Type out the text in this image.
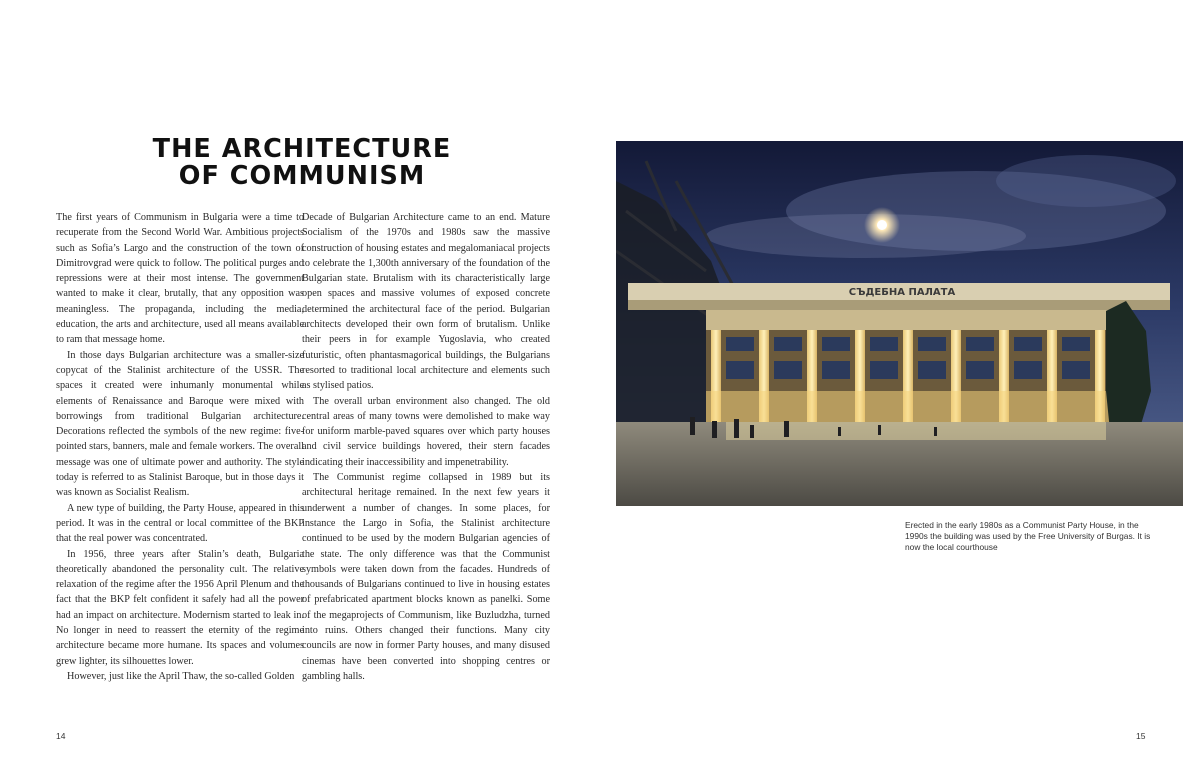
THE ARCHITECTURE
OF COMMUNISM

The first years of Communism in Bulgaria were a time to recuperate from the Second World War. Ambitious projects such as Sofia’s Largo and the construction of the town of Dimitrovgrad were quick to follow. The political purges and repressions were at their most intense. The government wanted to make it clear, brutally, that any opposition was meaningless. The propaganda, including the media, education, the arts and architecture, used all means available to ram that message home.

In those days Bulgarian architecture was a smaller-size copycat of the Stalinist architecture of the USSR. The spaces it created were inhumanly monumental while elements of Renaissance and Baroque were mixed with borrowings from traditional Bulgarian architecture. Decorations reflected the symbols of the new regime: five-pointed stars, banners, male and female workers. The overall message was one of ultimate power and authority. The style today is referred to as Stalinist Baroque, but in those days it was known as Socialist Realism.

A new type of building, the Party House, appeared in this period. It was in the central or local committee of the BKP that the real power was concentrated.

In 1956, three years after Stalin’s death, Bulgaria theoretically abandoned the personality cult. The relative relaxation of the regime after the 1956 April Plenum and the fact that the BKP felt confident it safely had all the power had an impact on architecture. Modernism started to leak in. No longer in need to reassert the eternity of the regime architecture became more humane. Its spaces and volumes grew lighter, its silhouettes lower.

However, just like the April Thaw, the so-called Golden

Decade of Bulgarian Architecture came to an end. Mature Socialism of the 1970s and 1980s saw the massive construction of housing estates and megalomaniacal projects to celebrate the 1,300th anniversary of the foundation of the Bulgarian state. Brutalism with its characteristically large open spaces and massive volumes of exposed concrete determined the architectural face of the period. Bulgarian architects developed their own form of brutalism. Unlike their peers in for example Yugoslavia, who created futuristic, often phantasmagorical buildings, the Bulgarians resorted to traditional local architecture and elements such as stylised patios.

The overall urban environment also changed. The old central areas of many towns were demolished to make way for uniform marble-paved squares over which party houses and civil service buildings hovered, their stern facades indicating their inaccessibility and impenetrability.

The Communist regime collapsed in 1989 but its architectural heritage remained. In the next few years it underwent a number of changes. In some places, for instance the Largo in Sofia, the Stalinist architecture continued to be used by the modern Bulgarian agencies of the state. The only difference was that the Communist symbols were taken down from the facades. Hundreds of thousands of Bulgarians continued to live in housing estates of prefabricated apartment blocks known as panelki. Some of the megaprojects of Communism, like Buzludzha, turned into ruins. Others changed their functions. Many city councils are now in former Party houses, and many disused cinemas have been converted into shopping centres or gambling halls.

СЪДЕБНА ПАЛАТА

Erected in the early 1980s as a Communist Party House, in the 1990s the building was used by the Free University of Burgas. It is now the local courthouse

14	15
